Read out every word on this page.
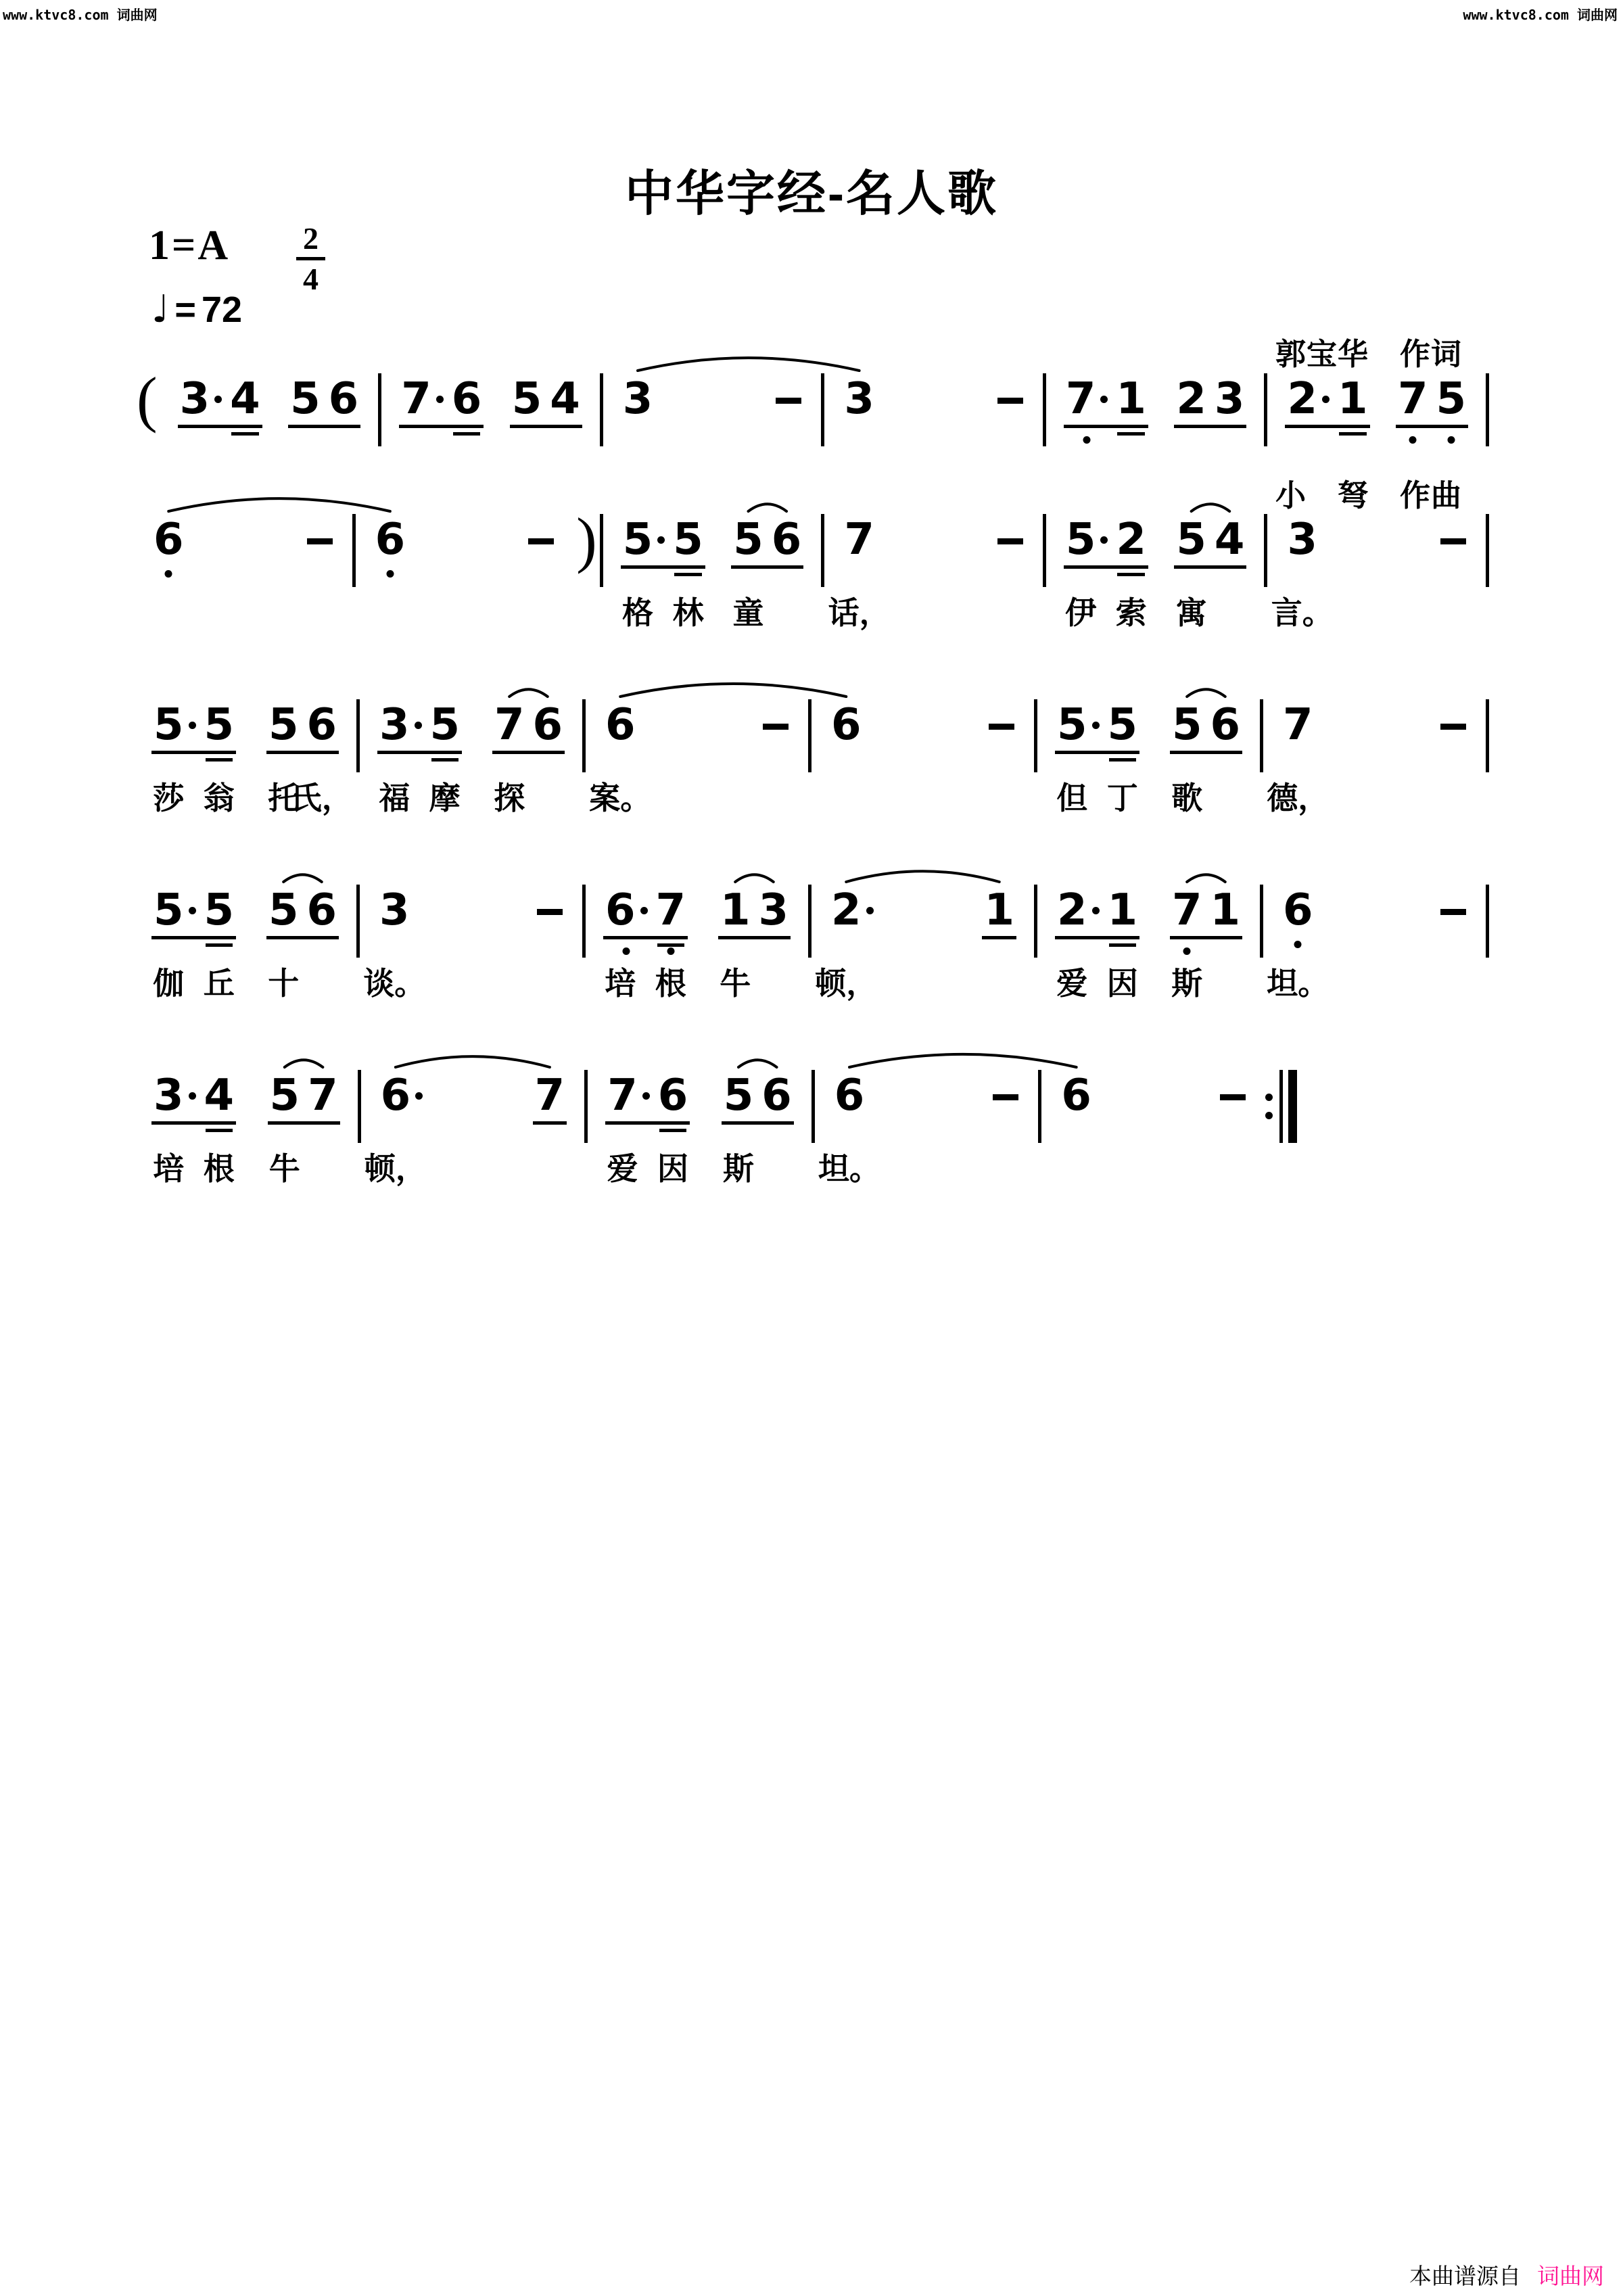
www.ktvc8.com 词曲网	www.ktvc8.com 词曲网
中华字经-名人歌
$1=A \frac{2}{4}$
♩ = 72

郭宝华　作词

小　弩　作曲

( 3 4 5 6 7 6 5 4 3	3	7 1 2 3 2 1 7 5
6	6	) 5 5 5 6 7	5 2 5 4 3
格 林 童 话，	伊 索 寓 言。
5 5 5 6 3 5 7 6 6	6	5 5 5 6 7
莎 翁 托
氏， 福 摩 探 案。	但 丁 歌 德，
5 5 5 6 3	6 7 1 3 2	1 2 1 7 1 6
伽 丘 十 谈。	培 根 牛 顿，	爱 因 斯 坦。
3 4 5 7 6	7 7 6 5 6 6	6
培 根 牛 顿，	爱 因 斯 坦。
本曲谱源自 词曲网
